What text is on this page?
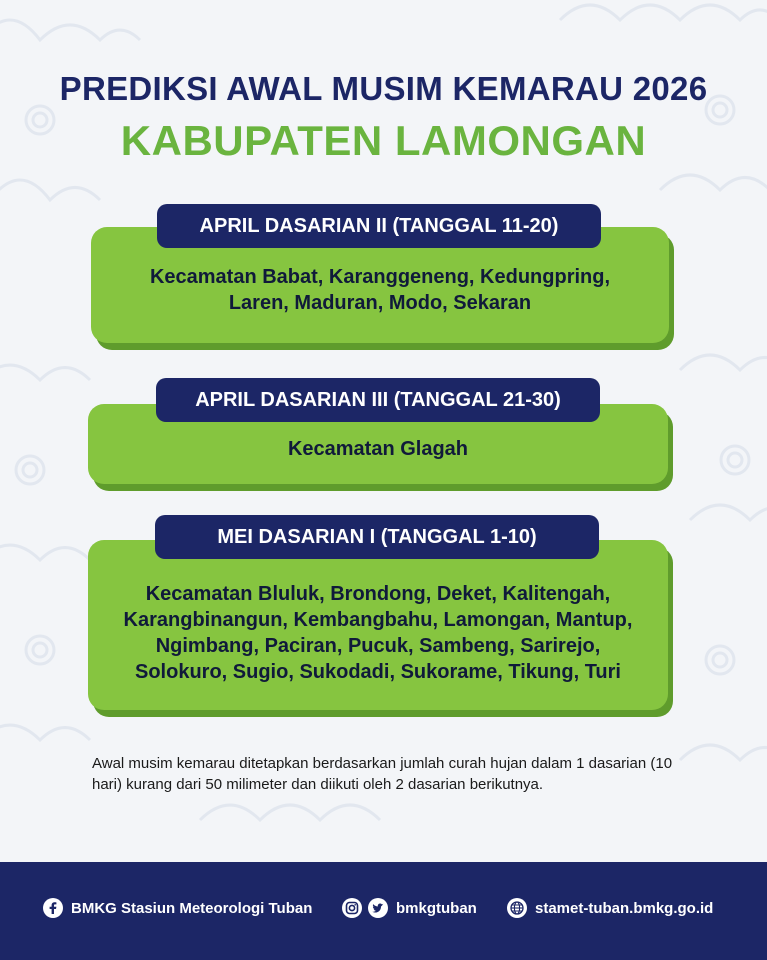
PREDIKSI AWAL MUSIM KEMARAU 2026
KABUPATEN LAMONGAN
Kecamatan Babat, Karanggeneng, Kedungpring,
Laren, Maduran, Modo, Sekaran
APRIL DASARIAN II (TANGGAL 11-20)
Kecamatan Glagah
APRIL DASARIAN III (TANGGAL 21-30)
Kecamatan Bluluk, Brondong, Deket, Kalitengah,
Karangbinangun, Kembangbahu, Lamongan, Mantup,
Ngimbang, Paciran, Pucuk, Sambeng, Sarirejo,
Solokuro, Sugio, Sukodadi, Sukorame, Tikung, Turi
MEI DASARIAN I (TANGGAL 1-10)
Awal musim kemarau ditetapkan berdasarkan jumlah curah hujan dalam 1 dasarian (10 hari) kurang dari 50 milimeter dan diikuti oleh 2 dasarian berikutnya.
BMKG Stasiun Meteorologi Tuban	bmkgtuban	stamet-tuban.bmkg.go.id
